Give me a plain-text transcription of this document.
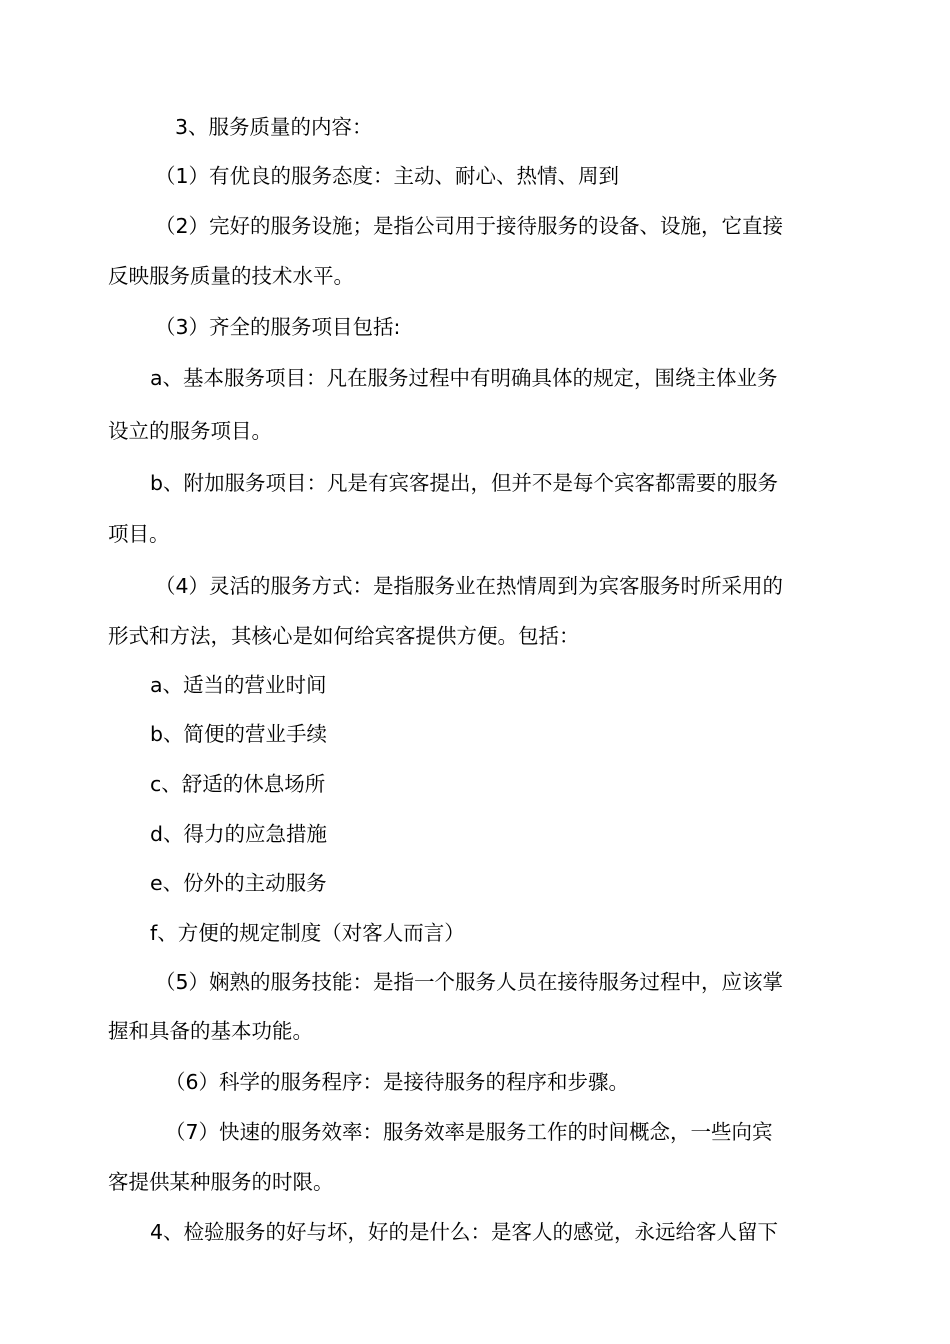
3、服务质量的内容：

（1）有优良的服务态度：主动、耐心、热情、周到

（2）完好的服务设施；是指公司用于接待服务的设备、设施，它直接

反映服务质量的技术水平。

（3）齐全的服务项目包括:

a、基本服务项目：凡在服务过程中有明确具体的规定，围绕主体业务

设立的服务项目。

b、附加服务项目：凡是有宾客提出，但并不是每个宾客都需要的服务

项目。

（4）灵活的服务方式：是指服务业在热情周到为宾客服务时所采用的

形式和方法，其核心是如何给宾客提供方便。包括：

a、适当的营业时间

b、简便的营业手续

c、舒适的休息场所

d、得力的应急措施

e、份外的主动服务

f、方便的规定制度（对客人而言）

（5）娴熟的服务技能：是指一个服务人员在接待服务过程中，应该掌

握和具备的基本功能。

（6）科学的服务程序：是接待服务的程序和步骤。

（7）快速的服务效率：服务效率是服务工作的时间概念，一些向宾

客提供某种服务的时限。

4、检验服务的好与坏，好的是什么：是客人的感觉，永远给客人留下
